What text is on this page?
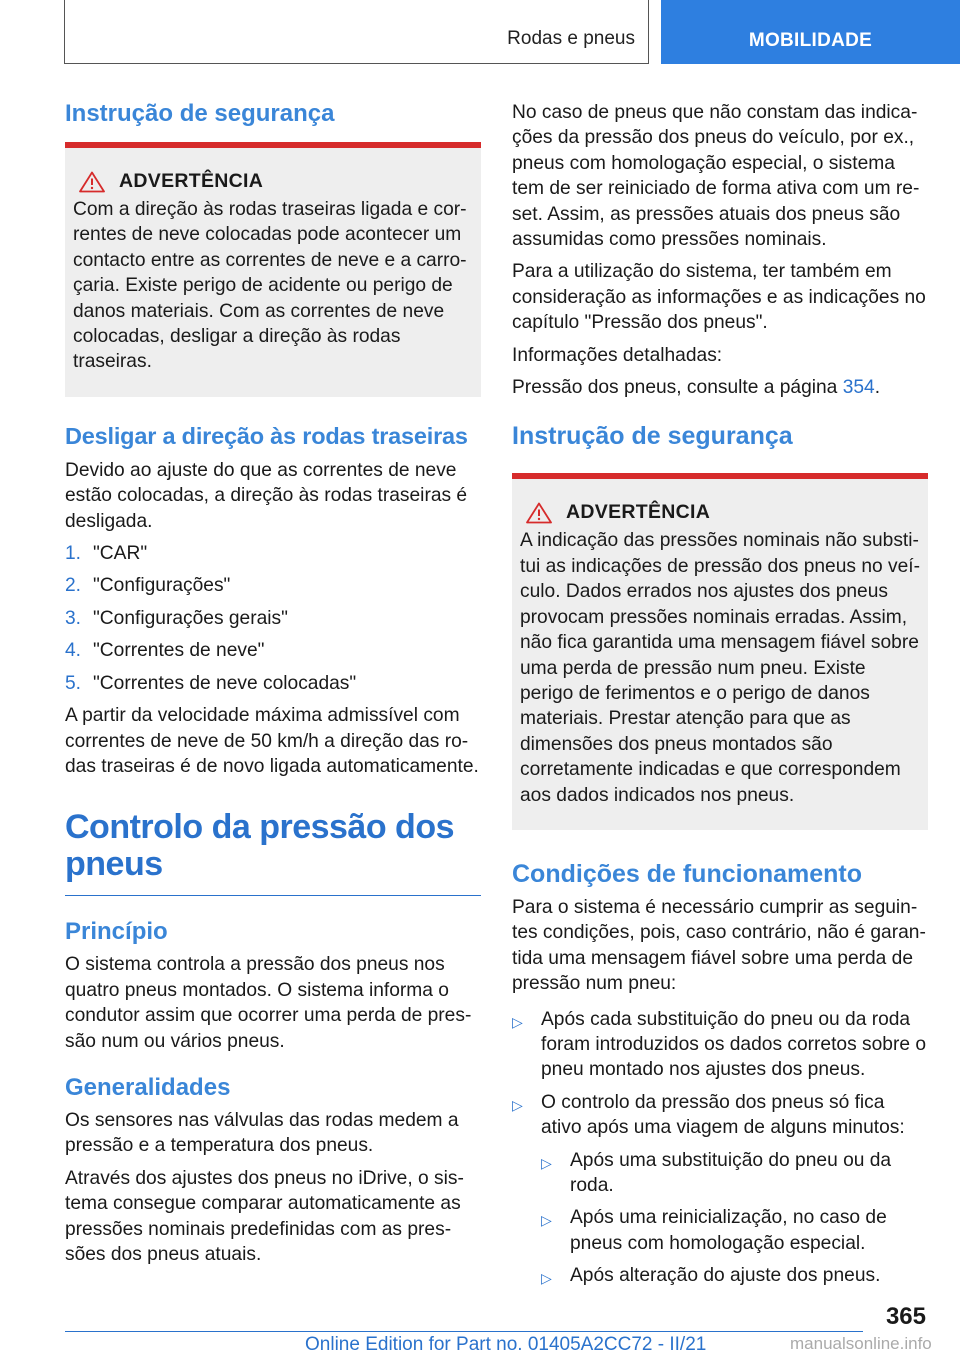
Rodas e pneus	MOBILIDADE
Instrução de segurança
ADVERTÊNCIA

Com a direção às rodas traseiras ligada e correntes de neve colocadas pode acontecer um contacto entre as correntes de neve e a carroçaria. Existe perigo de acidente ou perigo de danos materiais. Com as correntes de neve colocadas, desligar a direção às rodas traseiras.

Desligar a direção às rodas traseiras

Devido ao ajuste do que as correntes de neve estão colocadas, a direção às rodas traseiras é desligada.

1. "CAR"
2. "Configurações"
3. "Configurações gerais"
4. "Correntes de neve"
5. "Correntes de neve colocadas"

A partir da velocidade máxima admissível com correntes de neve de 50 km/h a direção das rodas traseiras é de novo ligada automaticamente.

Controlo da pressão dos pneus
Princípio

O sistema controla a pressão dos pneus nos quatro pneus montados. O sistema informa o condutor assim que ocorrer uma perda de pressão num ou vários pneus.

Generalidades

Os sensores nas válvulas das rodas medem a pressão e a temperatura dos pneus.

Através dos ajustes dos pneus no iDrive, o sistema consegue comparar automaticamente as pressões nominais predefinidas com as pressões dos pneus atuais.

No caso de pneus que não constam das indicações da pressão dos pneus do veículo, por ex., pneus com homologação especial, o sistema tem de ser reiniciado de forma ativa com um reset. Assim, as pressões atuais dos pneus são assumidas como pressões nominais.

Para a utilização do sistema, ter também em consideração as informações e as indicações no capítulo "Pressão dos pneus".

Informações detalhadas:

Pressão dos pneus, consulte a página 354.

Instrução de segurança
ADVERTÊNCIA

A indicação das pressões nominais não substitui as indicações de pressão dos pneus no veículo. Dados errados nos ajustes dos pneus provocam pressões nominais erradas. Assim, não fica garantida uma mensagem fiável sobre uma perda de pressão num pneu. Existe perigo de ferimentos e o perigo de danos materiais. Prestar atenção para que as dimensões dos pneus montados são corretamente indicadas e que correspondem aos dados indicados nos pneus.

Condições de funcionamento

Para o sistema é necessário cumprir as seguintes condições, pois, caso contrário, não é garantida uma mensagem fiável sobre uma perda de pressão num pneu:

▷ Após cada substituição do pneu ou da roda foram introduzidos os dados corretos sobre o pneu montado nos ajustes dos pneus.
▷ O controlo da pressão dos pneus só fica ativo após uma viagem de alguns minutos:
▷ Após uma substituição do pneu ou da roda.
▷ Após uma reinicialização, no caso de pneus com homologação especial.
▷ Após alteração do ajuste dos pneus.
365
Online Edition for Part no. 01405A2CC72 - II/21	manualsonline.info
